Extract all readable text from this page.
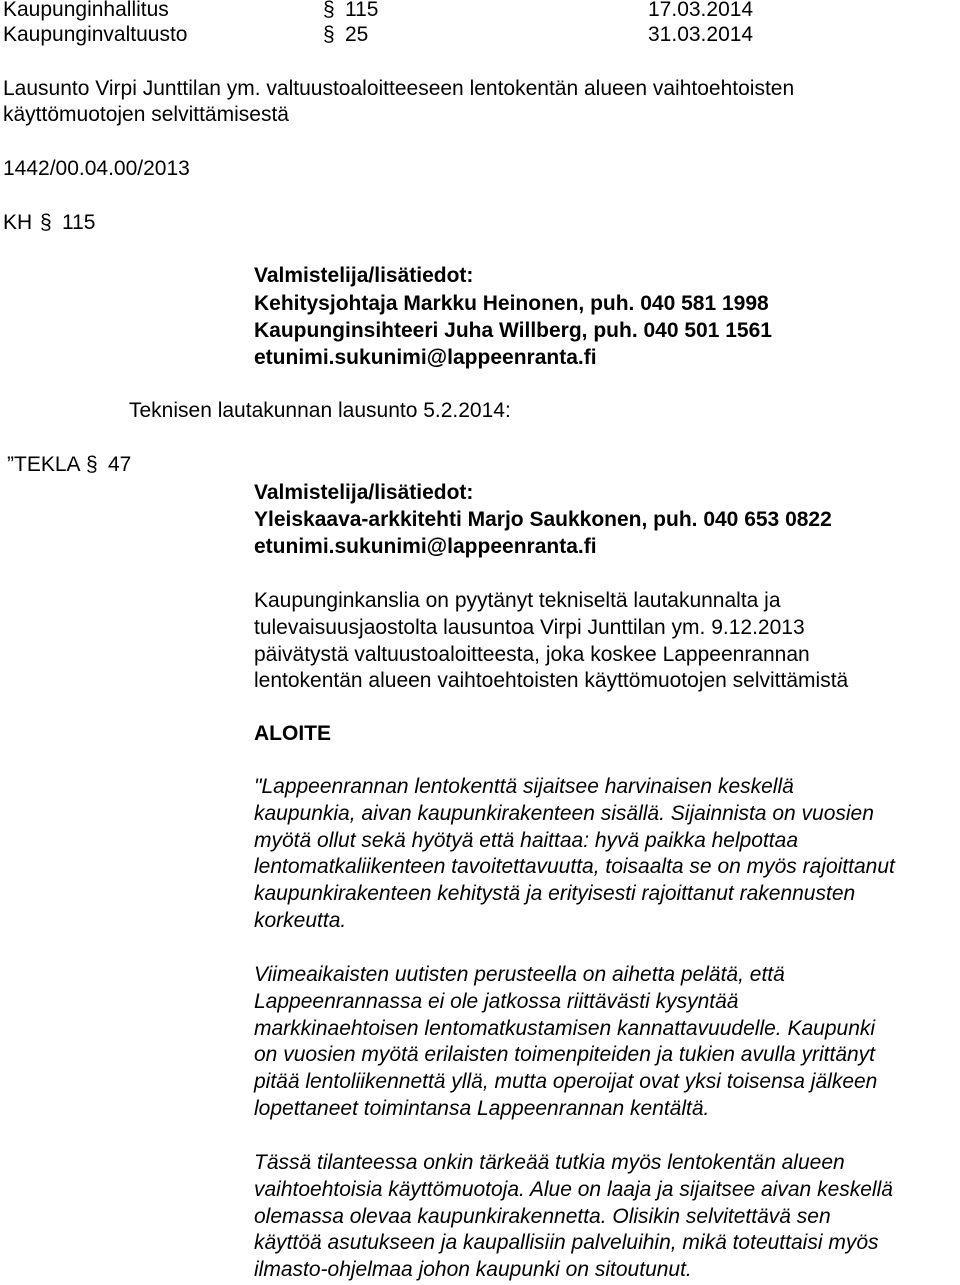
Kaupunginhallitus	§ 115	17.03.2014
Kaupunginvaltuusto	§ 25	31.03.2014
Lausunto Virpi Junttilan ym. valtuustoaloitteeseen lentokentän alueen vaihtoehtoisten
käyttömuotojen selvittämisestä
1442/00.04.00/2013
KH § 115
Valmistelija/lisätiedot:
Kehitysjohtaja Markku Heinonen, puh. 040 581 1998
Kaupunginsihteeri Juha Willberg, puh. 040 501 1561
etunimi.sukunimi@lappeenranta.fi
Teknisen lautakunnan lausunto 5.2.2014:
”TEKLA § 47
Valmistelija/lisätiedot:
Yleiskaava-arkkitehti Marjo Saukkonen, puh. 040 653 0822
etunimi.sukunimi@lappeenranta.fi
Kaupunginkanslia on pyytänyt tekniseltä lautakunnalta ja
tulevaisuusjaostolta lausuntoa Virpi Junttilan ym. 9.12.2013
päivätystä valtuustoaloitteesta, joka koskee Lappeenrannan
lentokentän alueen vaihtoehtoisten käyttömuotojen selvittämistä
ALOITE
"Lappeenrannan lentokenttä sijaitsee harvinaisen keskellä
kaupunkia, aivan kaupunkirakenteen sisällä. Sijainnista on vuosien
myötä ollut sekä hyötyä että haittaa: hyvä paikka helpottaa
lentomatkaliikenteen tavoitettavuutta, toisaalta se on myös rajoittanut
kaupunkirakenteen kehitystä ja erityisesti rajoittanut rakennusten
korkeutta.
Viimeaikaisten uutisten perusteella on aihetta pelätä, että
Lappeenrannassa ei ole jatkossa riittävästi kysyntää
markkinaehtoisen lentomatkustamisen kannattavuudelle. Kaupunki
on vuosien myötä erilaisten toimenpiteiden ja tukien avulla yrittänyt
pitää lentoliikennettä yllä, mutta operoijat ovat yksi toisensa jälkeen
lopettaneet toimintansa Lappeenrannan kentältä.
Tässä tilanteessa onkin tärkeää tutkia myös lentokentän alueen
vaihtoehtoisia käyttömuotoja. Alue on laaja ja sijaitsee aivan keskellä
olemassa olevaa kaupunkirakennetta. Olisikin selvitettävä sen
käyttöä asutukseen ja kaupallisiin palveluihin, mikä toteuttaisi myös
ilmasto-ohjelmaa johon kaupunki on sitoutunut.
